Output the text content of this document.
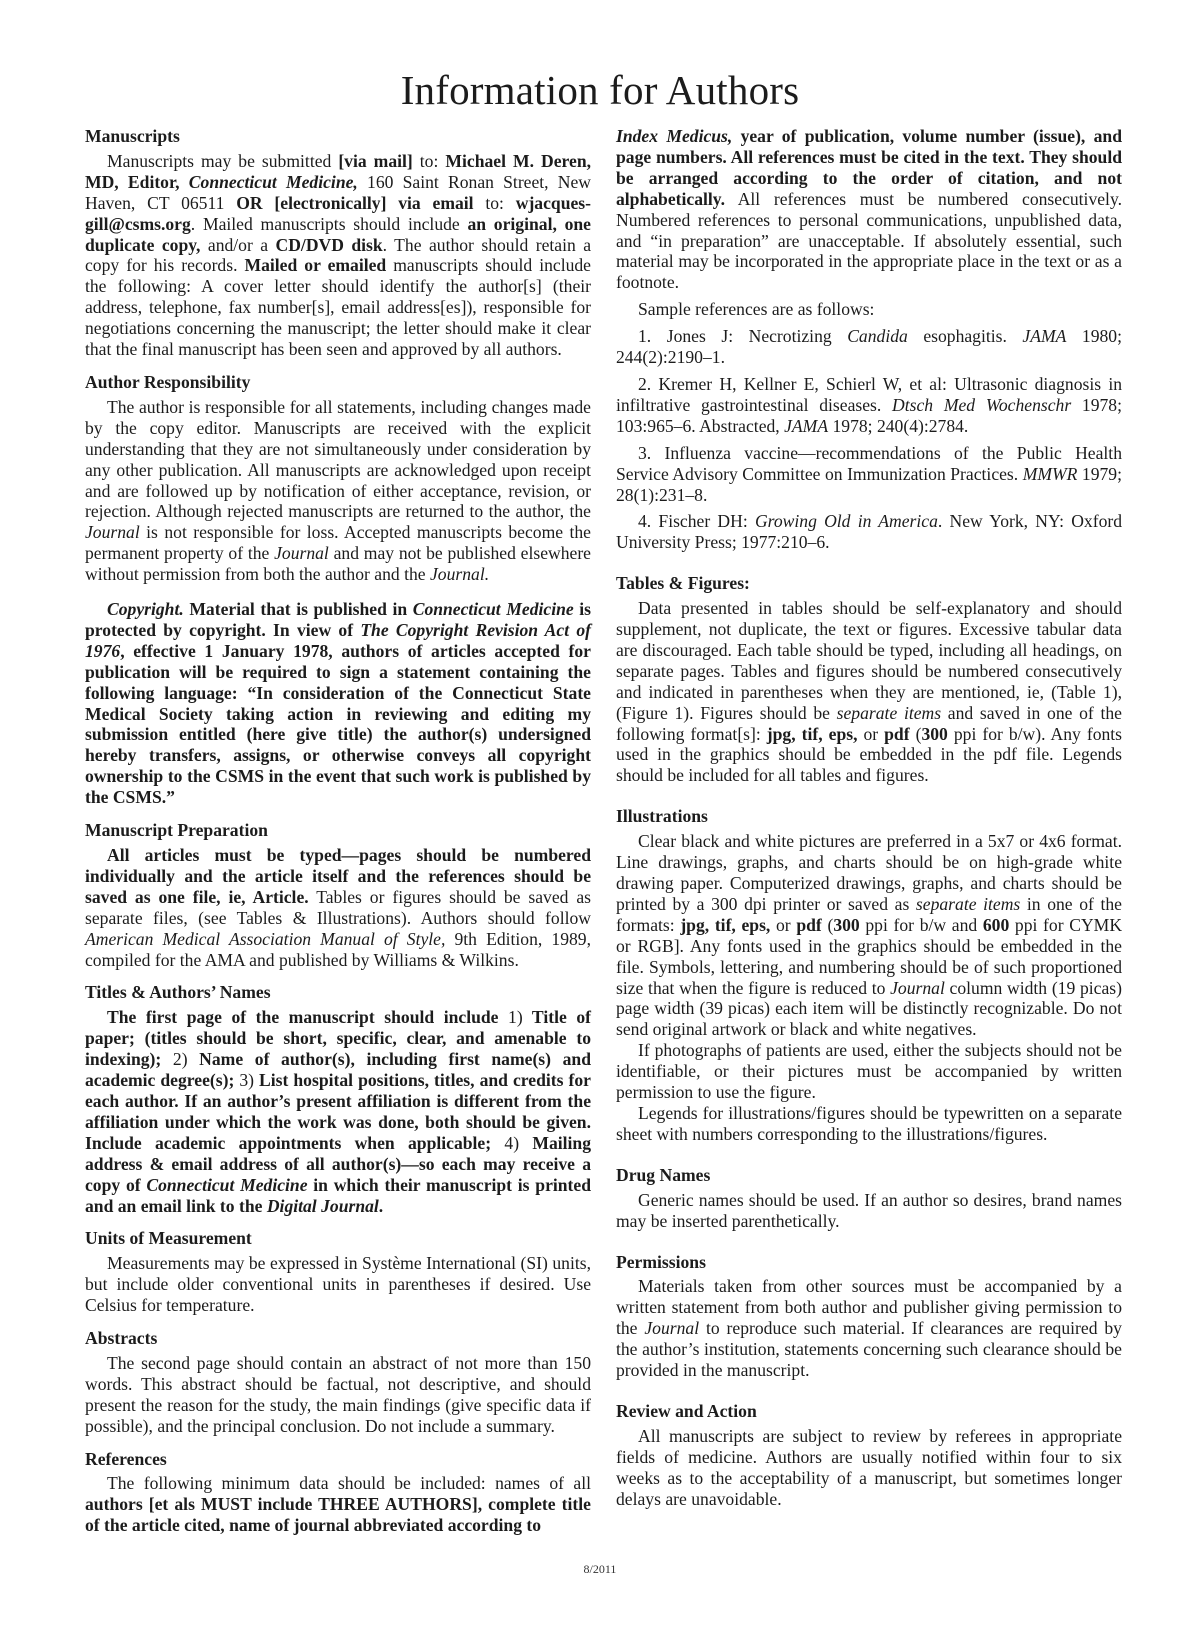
Information for Authors
Manuscripts

Manuscripts may be submitted [via mail] to: Michael M. Deren, MD, Editor, Connecticut Medicine, 160 Saint Ronan Street, New Haven, CT 06511 OR [electronically] via email to: wjacques-gill@csms.org. Mailed manuscripts should include an original, one duplicate copy, and/or a CD/DVD disk. The author should retain a copy for his records. Mailed or emailed manuscripts should include the following: A cover letter should identify the author[s] (their address, telephone, fax number[s], email address[es]), responsible for negotiations concerning the manuscript; the letter should make it clear that the final manuscript has been seen and approved by all authors.

Author Responsibility

The author is responsible for all statements, including changes made by the copy editor. Manuscripts are received with the explicit understanding that they are not simultaneously under consideration by any other publication. All manuscripts are acknowledged upon receipt and are followed up by notification of either acceptance, revision, or rejection. Although rejected manuscripts are returned to the author, the Journal is not responsible for loss. Accepted manuscripts become the permanent property of the Journal and may not be published elsewhere without permission from both the author and the Journal.

Copyright. Material that is published in Connecticut Medicine is protected by copyright. In view of The Copyright Revision Act of 1976, effective 1 January 1978, authors of articles accepted for publication will be required to sign a statement containing the following language: “In consideration of the Connecticut State Medical Society taking action in reviewing and editing my submission entitled (here give title) the author(s) undersigned hereby transfers, assigns, or otherwise conveys all copyright ownership to the CSMS in the event that such work is published by the CSMS.”

Manuscript Preparation

All articles must be typed—pages should be numbered individually and the article itself and the references should be saved as one file, ie, Article. Tables or figures should be saved as separate files, (see Tables & Illustrations). Authors should follow American Medical Association Manual of Style, 9th Edition, 1989, compiled for the AMA and published by Williams & Wilkins.

Titles & Authors’ Names

The first page of the manuscript should include 1) Title of paper; (titles should be short, specific, clear, and amenable to indexing); 2) Name of author(s), including first name(s) and academic degree(s); 3) List hospital positions, titles, and credits for each author. If an author’s present affiliation is different from the affiliation under which the work was done, both should be given. Include academic appointments when applicable; 4) Mailing address & email address of all author(s)—so each may receive a copy of Connecticut Medicine in which their manuscript is printed and an email link to the Digital Journal.

Units of Measurement

Measurements may be expressed in Système International (SI) units, but include older conventional units in parentheses if desired. Use Celsius for temperature.

Abstracts

The second page should contain an abstract of not more than 150 words. This abstract should be factual, not descriptive, and should present the reason for the study, the main findings (give specific data if possible), and the principal conclusion. Do not include a summary.

References

The following minimum data should be included: names of all authors [et als MUST include THREE AUTHORS], complete title of the article cited, name of journal abbreviated according to

Index Medicus, year of publication, volume number (issue), and page numbers. All references must be cited in the text. They should be arranged according to the order of citation, and not alphabetically. All references must be numbered consecutively. Numbered references to personal communications, unpublished data, and “in preparation” are unacceptable. If absolutely essential, such material may be incorporated in the appropriate place in the text or as a footnote.

Sample references are as follows:

1. Jones J: Necrotizing Candida esophagitis. JAMA 1980; 244(2):2190–1.

2. Kremer H, Kellner E, Schierl W, et al: Ultrasonic diagnosis in infiltrative gastrointestinal diseases. Dtsch Med Wochenschr 1978; 103:965–6. Abstracted, JAMA 1978; 240(4):2784.

3. Influenza vaccine—recommendations of the Public Health Service Advisory Committee on Immunization Practices. MMWR 1979; 28(1):231–8.

4. Fischer DH: Growing Old in America. New York, NY: Oxford University Press; 1977:210–6.

Tables & Figures:

Data presented in tables should be self-explanatory and should supplement, not duplicate, the text or figures. Excessive tabular data are discouraged. Each table should be typed, including all headings, on separate pages. Tables and figures should be numbered consecutively and indicated in parentheses when they are mentioned, ie, (Table 1), (Figure 1). Figures should be separate items and saved in one of the following format[s]: jpg, tif, eps, or pdf (300 ppi for b/w). Any fonts used in the graphics should be embedded in the pdf file. Legends should be included for all tables and figures.

Illustrations

Clear black and white pictures are preferred in a 5x7 or 4x6 format. Line drawings, graphs, and charts should be on high-grade white drawing paper. Computerized drawings, graphs, and charts should be printed by a 300 dpi printer or saved as separate items in one of the formats: jpg, tif, eps, or pdf (300 ppi for b/w and 600 ppi for CYMK or RGB]. Any fonts used in the graphics should be embedded in the file. Symbols, lettering, and numbering should be of such proportioned size that when the figure is reduced to Journal column width (19 picas) page width (39 picas) each item will be distinctly recognizable. Do not send original artwork or black and white negatives.

If photographs of patients are used, either the subjects should not be identifiable, or their pictures must be accompanied by written permission to use the figure.

Legends for illustrations/figures should be typewritten on a separate sheet with numbers corresponding to the illustrations/figures.

Drug Names

Generic names should be used. If an author so desires, brand names may be inserted parenthetically.

Permissions

Materials taken from other sources must be accompanied by a written statement from both author and publisher giving permission to the Journal to reproduce such material. If clearances are required by the author’s institution, statements concerning such clearance should be provided in the manuscript.

Review and Action

All manuscripts are subject to review by referees in appropriate fields of medicine. Authors are usually notified within four to six weeks as to the acceptability of a manuscript, but sometimes longer delays are unavoidable.

8/2011
